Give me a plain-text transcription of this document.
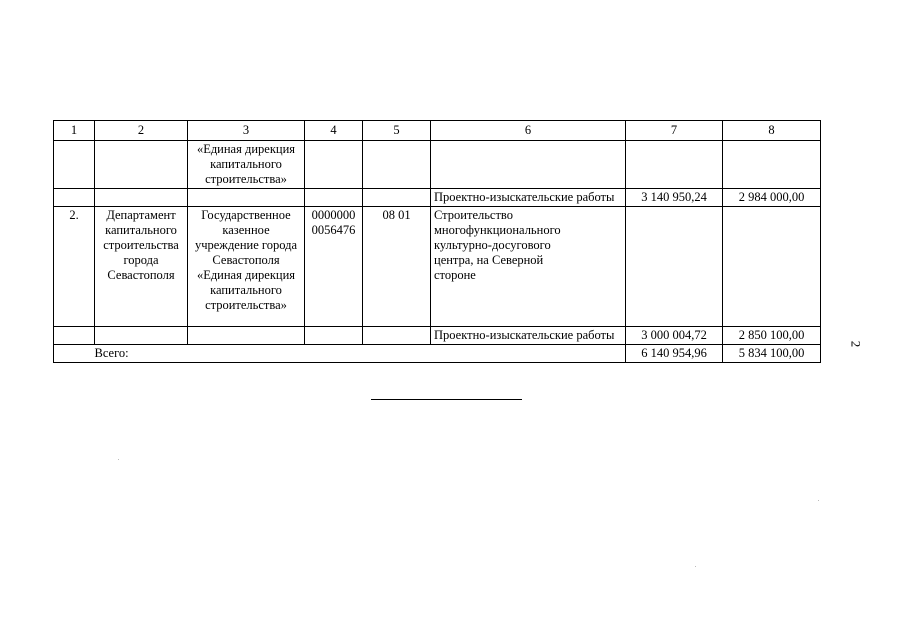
1	2	3	4	5	6	7	8
		«Единая дирекция капитального строительства»					
					Проектно-изыскательские работы	3 140 950,24	2 984 000,00
2.	Департамент капитального строительства города Севастополя	Государственное казенное учреждение города Севастополя «Единая дирекция капитального строительства»	0000000 0056476	08 01	Строительство многофункционального культурно-досугового центра, на Северной стороне		

					Проектно-изыскательские работы	3 000 004,72	2 850 100,00
	Всего:					6 140 954,96	5 834 100,00
2
